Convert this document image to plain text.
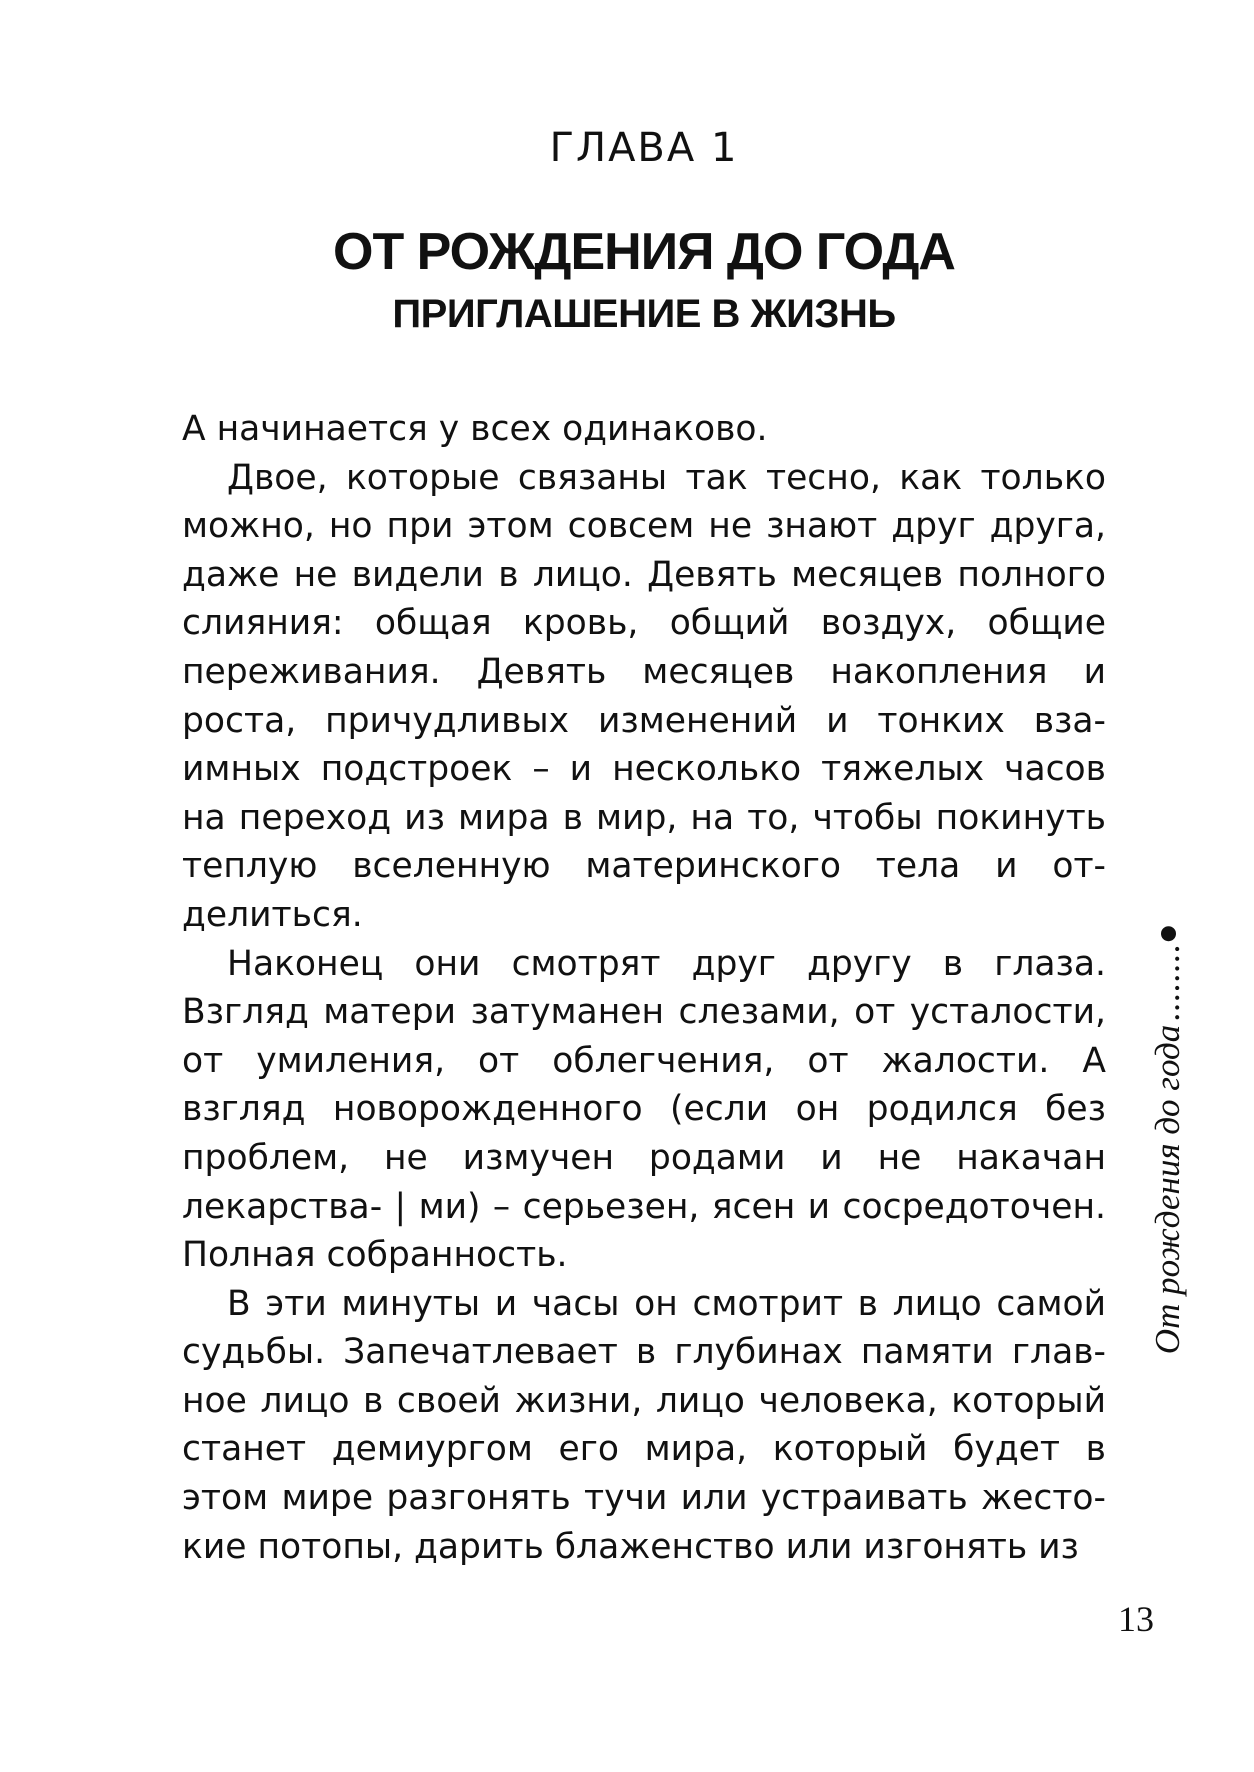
ГЛАВА 1
ОТ РОЖДЕНИЯ ДО ГОДА
ПРИГЛАШЕНИЕ В ЖИЗНЬ

А начинается у всех одинаково.

Двое, которые связаны так тесно, как только можно, но при этом совсем не знают друг друга, даже не видели в лицо. Девять месяцев полного слияния: общая кровь, общий воздух, общие переживания. Девять месяцев накопления и роста, причудливых изменений и тонких взаимных подстроек – и несколько тяжелых часов на переход из мира в мир, на то, чтобы покинуть теплую вселенную материнского тела и отделиться.

Наконец они смотрят друг другу в глаза. Взгляд матери затуманен слезами, от усталости, от умиления, от облегчения, от жалости. А взгляд новорожденного (если он родился без проблем, не измучен родами и не накачан лекарства- | ми) – серьезен, ясен и сосредоточен. Полная собранность.

В эти минуты и часы он смотрит в лицо самой судьбы. Запечатлевает в глубинах памяти главное лицо в своей жизни, лицо человека, который станет демиургом его мира, который будет в этом мире разгонять тучи или устраивать жестокие потопы, дарить блаженство или изгонять из

От рождения до года
........
13
